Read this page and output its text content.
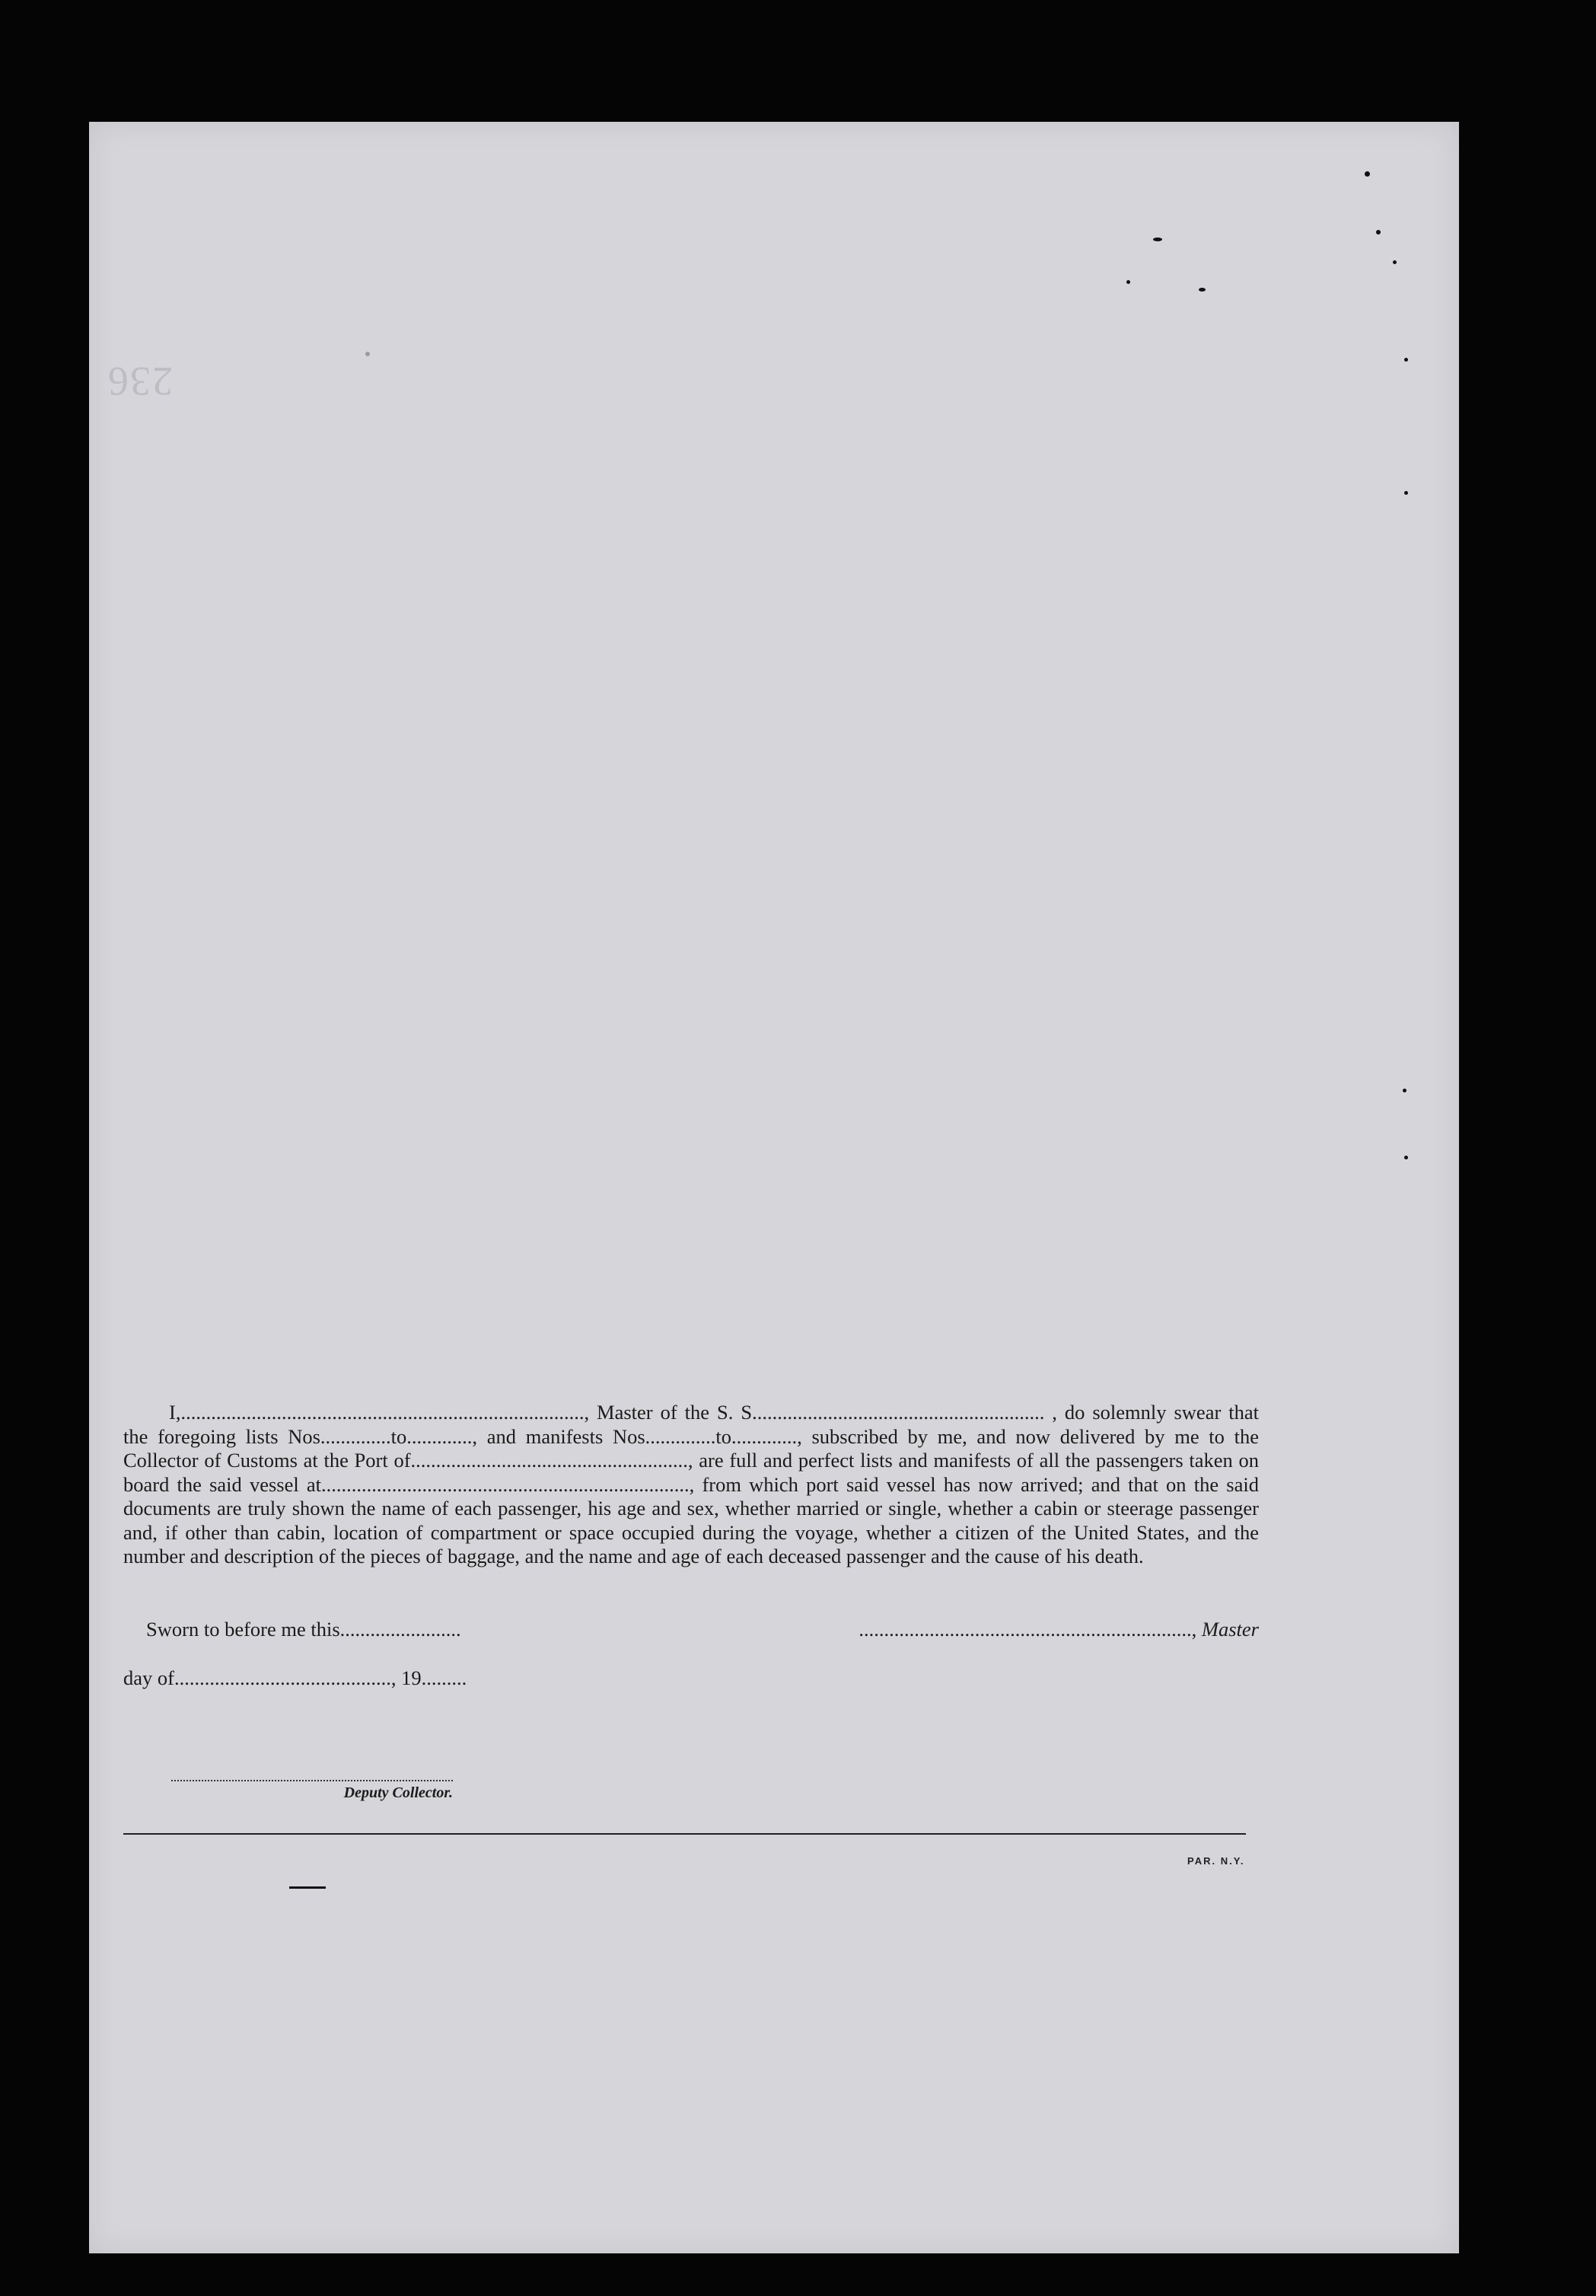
236

I,................................................................................, Master of the S. S.......................................................... , do solemnly swear that the foregoing lists Nos..............to............., and manifests Nos..............to............., subscribed by me, and now delivered by me to the Collector of Customs at the Port of......................................................., are full and perfect lists and manifests of all the passengers taken on board the said vessel at........................................................................., from which port said vessel has now arrived; and that on the said documents are truly shown the name of each passenger, his age and sex, whether married or single, whether a cabin or steerage passenger and, if other than cabin, location of compartment or space occupied during the voyage, whether a citizen of the United States, and the number and description of the pieces of baggage, and the name and age of each deceased passenger and the cause of his death.

Sworn to before me this........................	.................................................................., Master
day of..........................................., 19.........
Deputy Collector.
PAR. N.Y.
